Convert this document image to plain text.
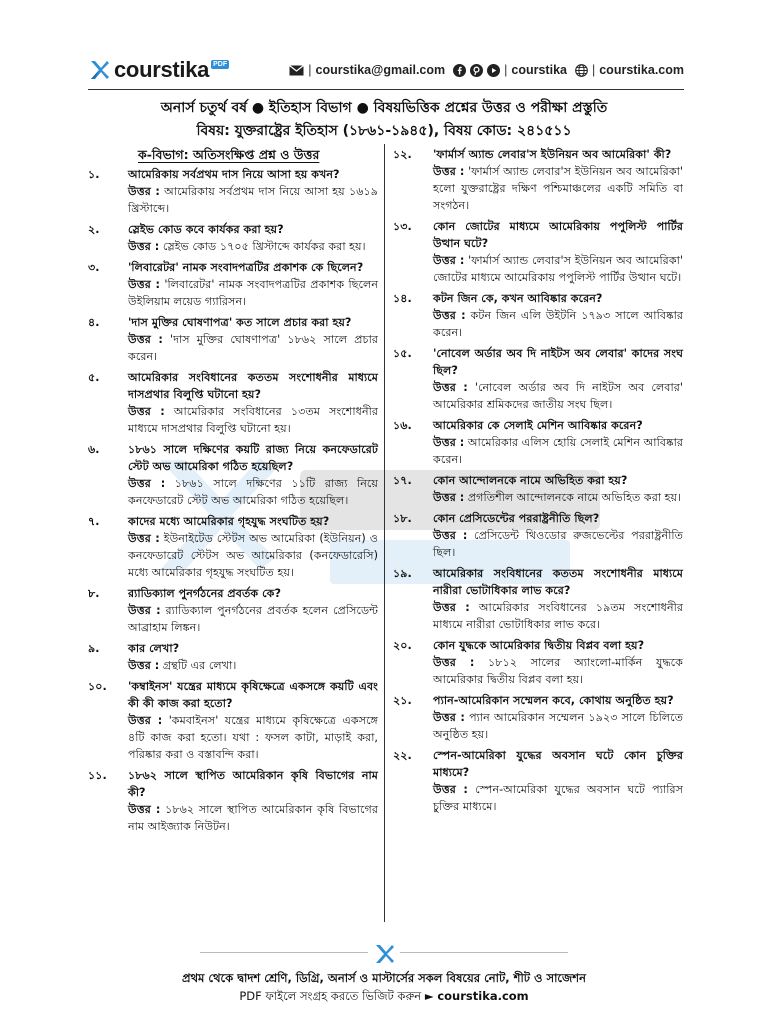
courstika PDF	| courstika@gmail.com	| courstika | courstika.com
অনার্স চতুর্থ বর্ষ ● ইতিহাস বিভাগ ● বিষয়ভিত্তিক প্রশ্নের উত্তর ও পরীক্ষা প্রস্তুতি
বিষয়: যুক্তরাষ্ট্রের ইতিহাস (১৮৬১-১৯৪৫), বিষয় কোড: ২৪১৫১১
ক-বিভাগ: অতিসংক্ষিপ্ত প্রশ্ন ও উত্তর
১.	আমেরিকায় সর্বপ্রথম দাস নিয়ে আসা হয় কখন?
উত্তর : আমেরিকায় সর্বপ্রথম দাস নিয়ে আসা হয় ১৬১৯ খ্রিস্টাব্দে।
২.	স্লেইভ কোড কবে কার্যকর করা হয়?
উত্তর : স্লেইভ কোড ১৭০৫ খ্রিস্টাব্দে কার্যকর করা হয়।
৩.	'লিবারেটর' নামক সংবাদপত্রটির প্রকাশক কে ছিলেন?
উত্তর : 'লিবারেটর' নামক সংবাদপত্রটির প্রকাশক ছিলেন উইলিয়াম লয়েড গ্যারিসন।
৪.	'দাস মুক্তির ঘোষণাপত্র' কত সালে প্রচার করা হয়?
উত্তর : 'দাস মুক্তির ঘোষণাপত্র' ১৮৬২ সালে প্রচার করেন।
৫.	আমেরিকার সংবিধানের কততম সংশোধনীর মাধ্যমে দাসপ্রথার বিলুপ্তি ঘটানো হয়?
উত্তর : আমেরিকার সংবিধানের ১৩তম সংশোধনীর মাধ্যমে দাসপ্রথার বিলুপ্তি ঘটানো হয়।
৬.	১৮৬১ সালে দক্ষিণের কয়টি রাজ্য নিয়ে কনফেডারেট স্টেট অভ আমেরিকা গঠিত হয়েছিল?
উত্তর : ১৮৬১ সালে দক্ষিণের ১১টি রাজ্য নিয়ে কনফেডারেট স্টেট অভ আমেরিকা গঠিত হয়েছিল।
৭.	কাদের মধ্যে আমেরিকার গৃহযুদ্ধ সংঘটিত হয়?
উত্তর : ইউনাইটেড স্টেটস অভ আমেরিকা (ইউনিয়ন) ও কনফেডারেট স্টেটস অভ আমেরিকার (কনফেডারেসি) মধ্যে আমেরিকার গৃহযুদ্ধ সংঘটিত হয়।
৮.	র‌্যাডিক্যাল পুনর্গঠনের প্রবর্তক কে?
উত্তর : র‌্যাডিক্যাল পুনর্গঠনের প্রবর্তক হলেন প্রেসিডেন্ট আব্রাহাম লিঙ্কন।
৯.	কার লেখা?
উত্তর : গ্রন্থটি এর লেখা।
১০.	'কম্বাইনস' যন্ত্রের মাধ্যমে কৃষিক্ষেত্রে একসঙ্গে কয়টি এবং কী কী কাজ করা হতো?
উত্তর : 'কমবাইনস' যন্ত্রের মাধ্যমে কৃষিক্ষেত্রে একসঙ্গে ৪টি কাজ করা হতো। যথা : ফসল কাটা, মাড়াই করা, পরিষ্কার করা ও বস্তাবন্দি করা।
১১.	১৮৬২ সালে স্থাপিত আমেরিকান কৃষি বিভাগের নাম কী?
উত্তর : ১৮৬২ সালে স্থাপিত আমেরিকান কৃষি বিভাগের নাম আইজ্যাক নিউটন।
১২.	'ফার্মার্স অ্যান্ড লেবার'স ইউনিয়ন অব আমেরিকা' কী?
উত্তর : 'ফার্মার্স অ্যান্ড লেবার'স ইউনিয়ন অব আমেরিকা' হলো যুক্তরাষ্ট্রের দক্ষিণ পশ্চিমাঞ্চলের একটি সমিতি বা সংগঠন।
১৩.	কোন জোটের মাধ্যমে আমেরিকায় পপুলিস্ট পার্টির উত্থান ঘটে?
উত্তর : 'ফার্মার্স অ্যান্ড লেবার'স ইউনিয়ন অব আমেরিকা' জোটের মাধ্যমে আমেরিকায় পপুলিস্ট পার্টির উত্থান ঘটে।
১৪.	কটন জিন কে, কখন আবিষ্কার করেন?
উত্তর : কটন জিন এলি উইটনি ১৭৯৩ সালে আবিষ্কার করেন।
১৫.	'নোবেল অর্ডার অব দি নাইটস অব লেবার' কাদের সংঘ ছিল?
উত্তর : 'নোবেল অর্ডার অব দি নাইটস অব লেবার' আমেরিকার শ্রমিকদের জাতীয় সংঘ ছিল।
১৬.	আমেরিকার কে সেলাই মেশিন আবিষ্কার করেন?
উত্তর : আমেরিকার এলিস হোয়ি সেলাই মেশিন আবিষ্কার করেন।
১৭.	কোন আন্দোলনকে নামে অভিহিত করা হয়?
উত্তর : প্রগতিশীল আন্দোলনকে নামে অভিহিত করা হয়।
১৮.	কোন প্রেসিডেন্টের পররাষ্ট্রনীতি ছিল?
উত্তর : প্রেসিডেন্ট থিওডোর রুজভেল্টের পররাষ্ট্রনীতি ছিল।
১৯.	আমেরিকার সংবিধানের কততম সংশোধনীর মাধ্যমে নারীরা ভোটাধিকার লাভ করে?
উত্তর : আমেরিকার সংবিধানের ১৯তম সংশোধনীর মাধ্যমে নারীরা ভোটাধিকার লাভ করে।
২০.	কোন যুদ্ধকে আমেরিকার দ্বিতীয় বিপ্লব বলা হয়?
উত্তর : ১৮১২ সালের অ্যাংলো-মার্কিন যুদ্ধকে আমেরিকার দ্বিতীয় বিপ্লব বলা হয়।
২১.	প্যান-আমেরিকান সম্মেলন কবে, কোথায় অনুষ্ঠিত হয়?
উত্তর : প্যান আমেরিকান সম্মেলন ১৯২৩ সালে চিলিতে অনুষ্ঠিত হয়।
২২.	স্পেন-আমেরিকা যুদ্ধের অবসান ঘটে কোন চুক্তির মাধ্যমে?
উত্তর : স্পেন-আমেরিকা যুদ্ধের অবসান ঘটে প্যারিস চুক্তির মাধ্যমে।
প্রথম থেকে দ্বাদশ শ্রেণি, ডিগ্রি, অনার্স ও মাস্টার্সের সকল বিষয়ের নোট, শীট ও সাজেশন
PDF ফাইলে সংগ্রহ করতে ভিজিট করুন ► courstika.com
